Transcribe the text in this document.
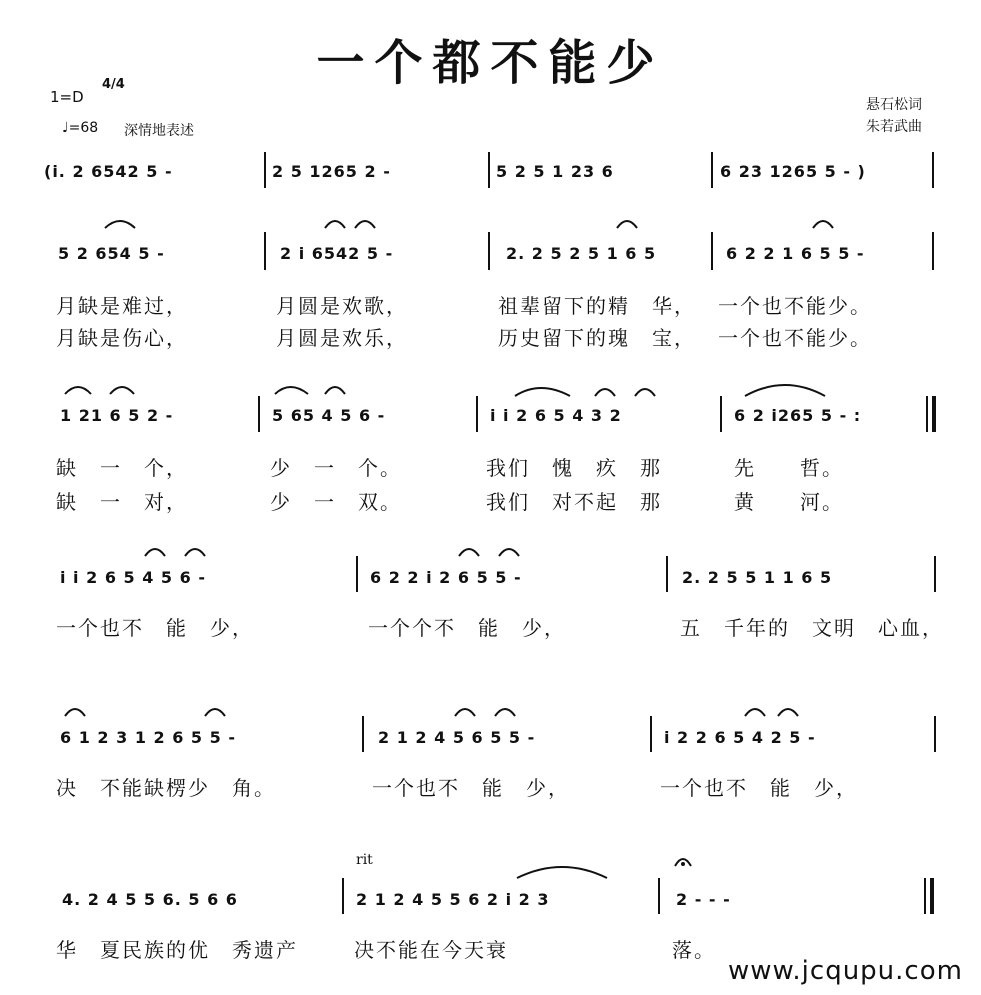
一个都不能少
1=D
4/4
♩=68 深情地表述
悬石松词
朱若武曲
(i. 2 6542 5 -	2 5 1265 2 -	5 2 5 1 23 6	6 23 1265 5 - )
5 2 654 5 -	2 i 6542 5 -	2. 2 5 2 5 1 6 5	6 2 2 1 6 5 5 -
月缺是难过，	月圆是欢歌，	祖辈留下的精　华， 一个也不能少。
月缺是伤心，	月圆是欢乐，	历史留下的瑰　宝， 一个也不能少。
1 21 6 5 2 -	5 65 4 5 6 -	i i 2 6 5 4 3 2	6 2 i265 5 - :
缺　一　个，	少　一　个。	我们　愧　疚　那	先　　哲。
缺　一　对，	少　一　双。	我们　对不起　那	黄　　河。
i i 2 6 5 4 5 6 -	6 2 2 i 2 6 5 5 -	2. 2 5 5 1 1 6 5
一个也不　能　少，	一个个不　能　少，	五　千年的　文明　心血，
6 1 2 3 1 2 6 5 5 -	2 1 2 4 5 6 5 5 -	i 2 2 6 5 4 2 5 -
决　不能缺楞少　角。	一个也不　能　少，	一个也不　能　少，
rit
4. 2 4 5 5 6. 5 6 6	2 1 2 4 5 5 6 2 i 2 3	2 - - -
华　夏民族的优　秀遗产	决不能在今天衰	落。
www.jcqupu.com
